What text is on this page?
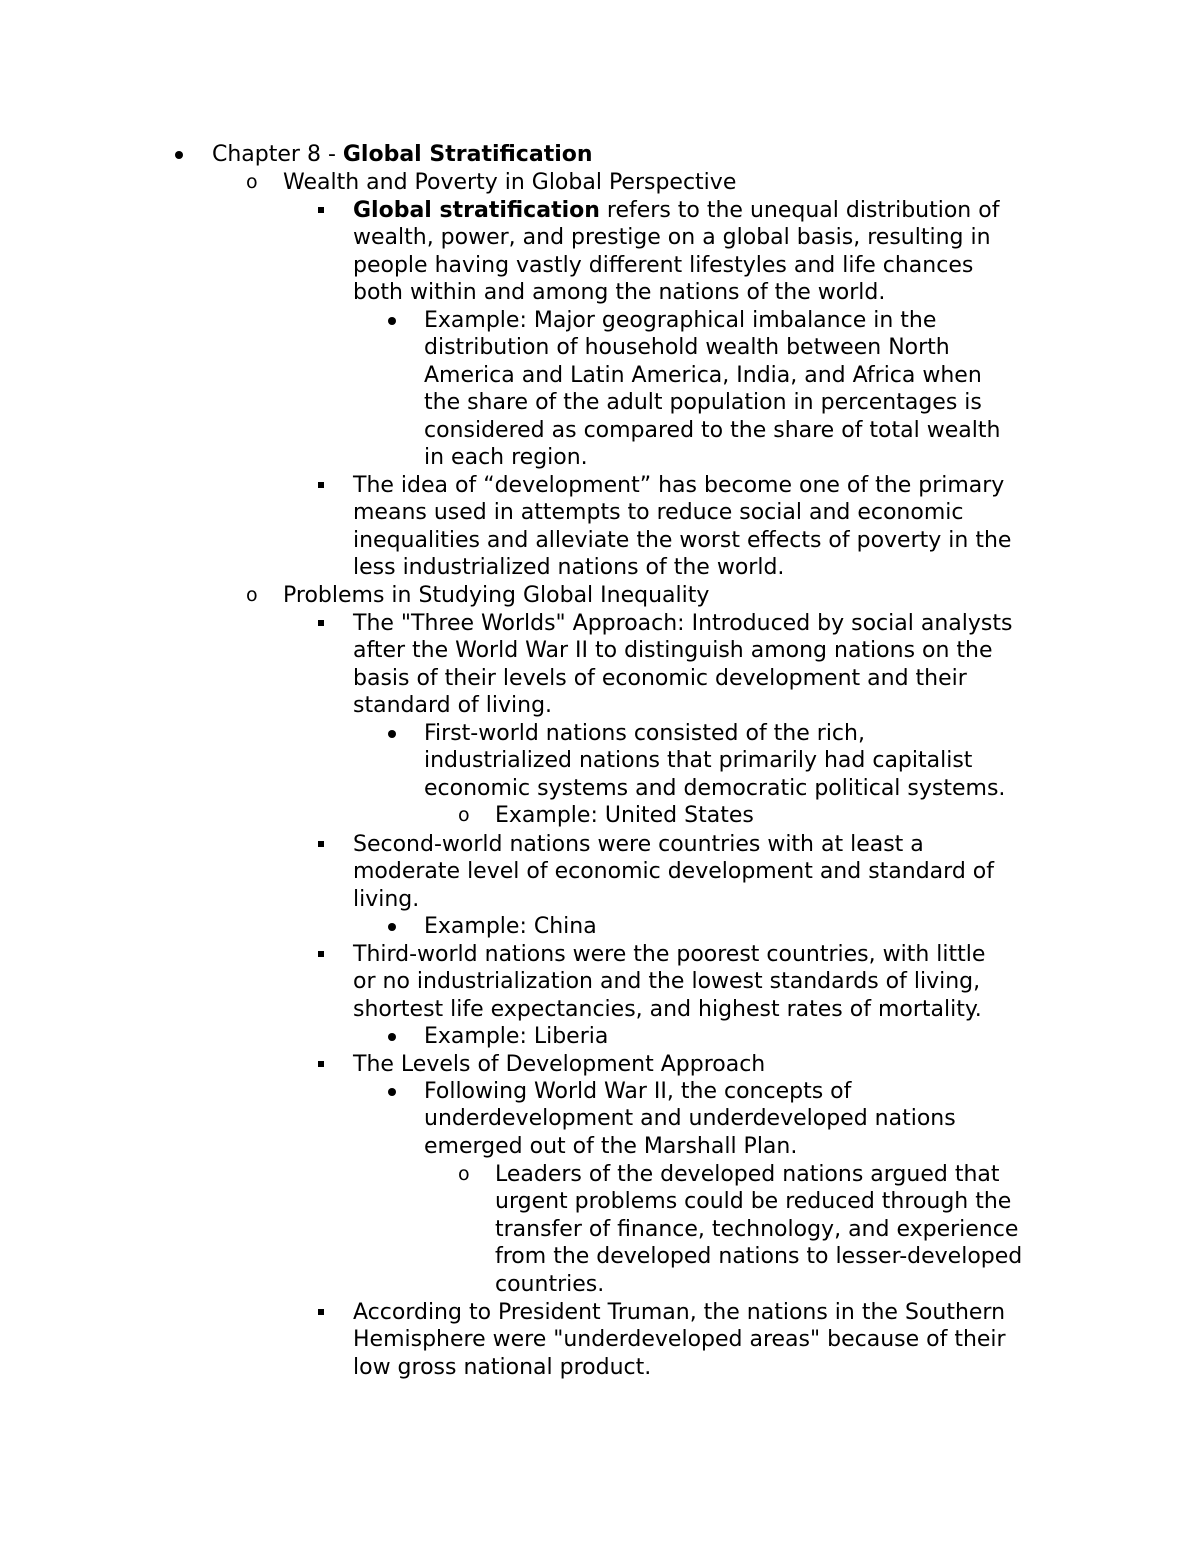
Chapter 8 - Global Stratification
o	Wealth and Poverty in Global Perspective

Global stratification refers to the unequal distribution of

wealth, power, and prestige on a global basis, resulting in

people having vastly different lifestyles and life chances

both within and among the nations of the world.

Example: Major geographical imbalance in the

distribution of household wealth between North

America and Latin America, India, and Africa when

the share of the adult population in percentages is

considered as compared to the share of total wealth

in each region.

The idea of “development” has become one of the primary

means used in attempts to reduce social and economic

inequalities and alleviate the worst effects of poverty in the

less industrialized nations of the world.

o	Problems in Studying Global Inequality

The "Three Worlds" Approach: Introduced by social analysts

after the World War II to distinguish among nations on the

basis of their levels of economic development and their

standard of living.

First-world nations consisted of the rich,

industrialized nations that primarily had capitalist

economic systems and democratic political systems.

o	Example: United States

Second-world nations were countries with at least a

moderate level of economic development and standard of

living.

Example: China

Third-world nations were the poorest countries, with little

or no industrialization and the lowest standards of living,

shortest life expectancies, and highest rates of mortality.

Example: Liberia
The Levels of Development Approach

Following World War II, the concepts of

underdevelopment and underdeveloped nations

emerged out of the Marshall Plan.

o	Leaders of the developed nations argued that

urgent problems could be reduced through the

transfer of finance, technology, and experience

from the developed nations to lesser-developed

countries.

According to President Truman, the nations in the Southern

Hemisphere were "underdeveloped areas" because of their

low gross national product.
